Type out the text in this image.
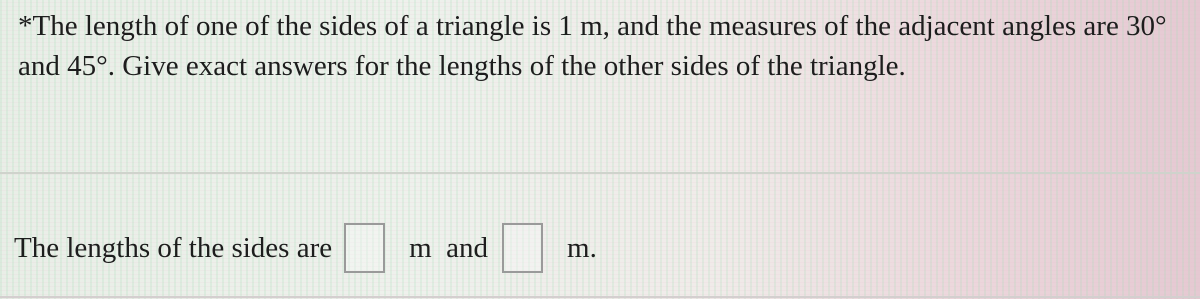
*The length of one of the sides of a triangle is 1 m, and the measures of the adjacent angles are 30° and 45°. Give exact answers for the lengths of the other sides of the triangle.

The lengths of the sides are	m  and	m.
